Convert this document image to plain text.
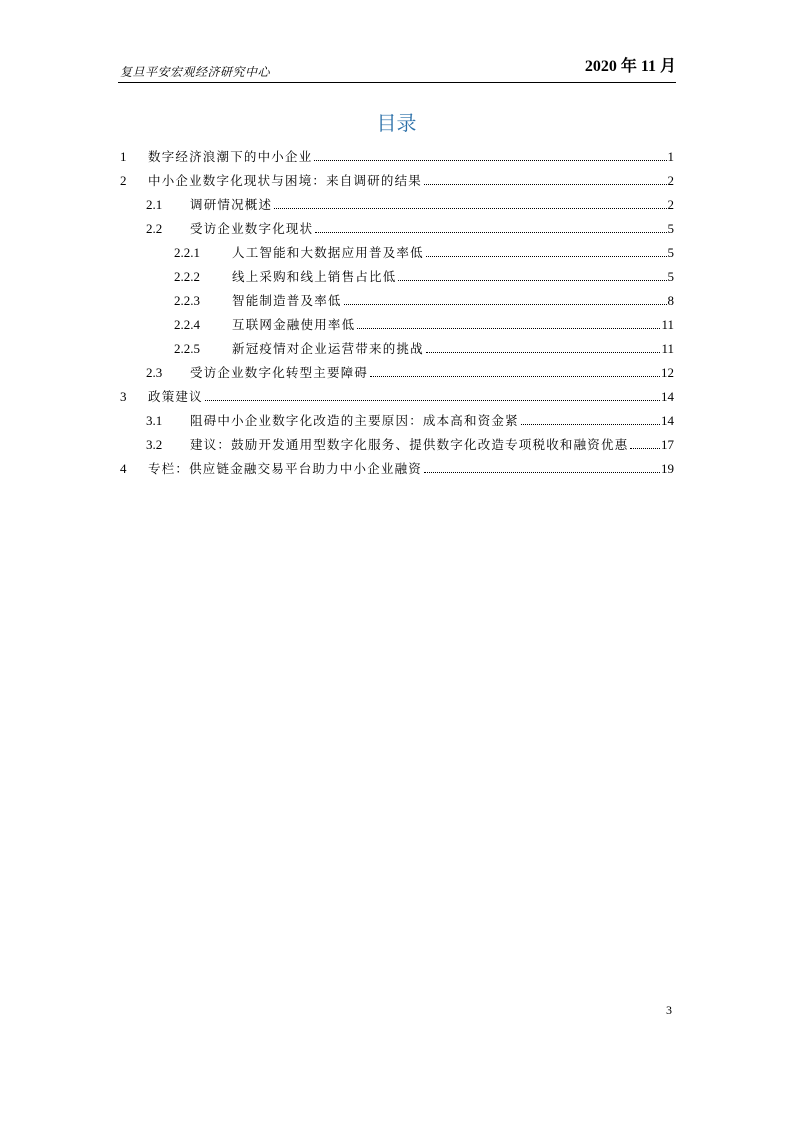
复旦平安宏观经济研究中心	2020 年 11 月
目录
1 数字经济浪潮下的中小企业	1
2 中小企业数字化现状与困境：来自调研的结果	2
2.1 调研情况概述	2
2.2 受访企业数字化现状	5
2.2.1	人工智能和大数据应用普及率低	5
2.2.2	线上采购和线上销售占比低	5
2.2.3	智能制造普及率低	8
2.2.4	互联网金融使用率低	11
2.2.5	新冠疫情对企业运营带来的挑战	11
2.3 受访企业数字化转型主要障碍	12
3 政策建议	14
3.1 阻碍中小企业数字化改造的主要原因：成本高和资金紧	14
3.2 建议：鼓励开发通用型数字化服务、提供数字化改造专项税收和融资优惠	17
4 专栏：供应链金融交易平台助力中小企业融资	19
3
